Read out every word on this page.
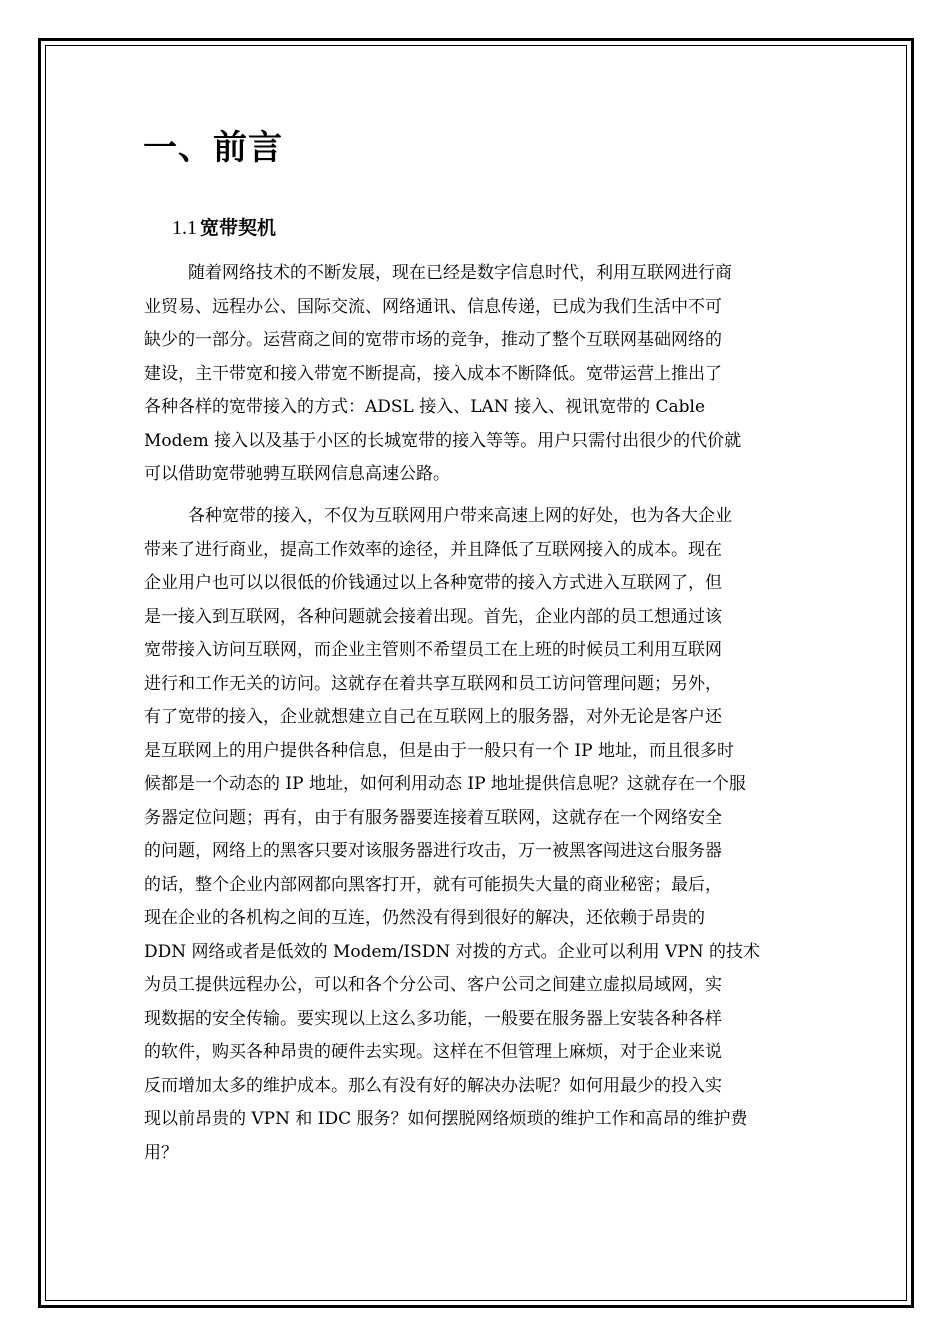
一、前言
1.1 宽带契机
随着网络技术的不断发展，现在已经是数字信息时代，利用互联网进行商
业贸易、远程办公、国际交流、网络通讯、信息传递，已成为我们生活中不可
缺少的一部分。运营商之间的宽带市场的竞争，推动了整个互联网基础网络的
建设，主干带宽和接入带宽不断提高，接入成本不断降低。宽带运营上推出了
各种各样的宽带接入的方式：ADSL 接入、LAN 接入、视讯宽带的 Cable
Modem 接入以及基于小区的长城宽带的接入等等。用户只需付出很少的代价就
可以借助宽带驰骋互联网信息高速公路。
各种宽带的接入，不仅为互联网用户带来高速上网的好处，也为各大企业
带来了进行商业，提高工作效率的途径，并且降低了互联网接入的成本。现在
企业用户也可以以很低的价钱通过以上各种宽带的接入方式进入互联网了，但
是一接入到互联网，各种问题就会接着出现。首先，企业内部的员工想通过该
宽带接入访问互联网，而企业主管则不希望员工在上班的时候员工利用互联网
进行和工作无关的访问。这就存在着共享互联网和员工访问管理问题；另外，
有了宽带的接入，企业就想建立自己在互联网上的服务器，对外无论是客户还
是互联网上的用户提供各种信息，但是由于一般只有一个 IP 地址，而且很多时
候都是一个动态的 IP 地址，如何利用动态 IP 地址提供信息呢？这就存在一个服
务器定位问题；再有，由于有服务器要连接着互联网，这就存在一个网络安全
的问题，网络上的黑客只要对该服务器进行攻击，万一被黑客闯进这台服务器
的话，整个企业内部网都向黑客打开，就有可能损失大量的商业秘密；最后，
现在企业的各机构之间的互连，仍然没有得到很好的解决，还依赖于昂贵的
DDN 网络或者是低效的 Modem/ISDN 对拨的方式。企业可以利用 VPN 的技术
为员工提供远程办公，可以和各个分公司、客户公司之间建立虚拟局域网，实
现数据的安全传输。要实现以上这么多功能，一般要在服务器上安装各种各样
的软件，购买各种昂贵的硬件去实现。这样在不但管理上麻烦，对于企业来说
反而增加太多的维护成本。那么有没有好的解决办法呢？如何用最少的投入实
现以前昂贵的 VPN 和 IDC 服务？如何摆脱网络烦琐的维护工作和高昂的维护费
用？
